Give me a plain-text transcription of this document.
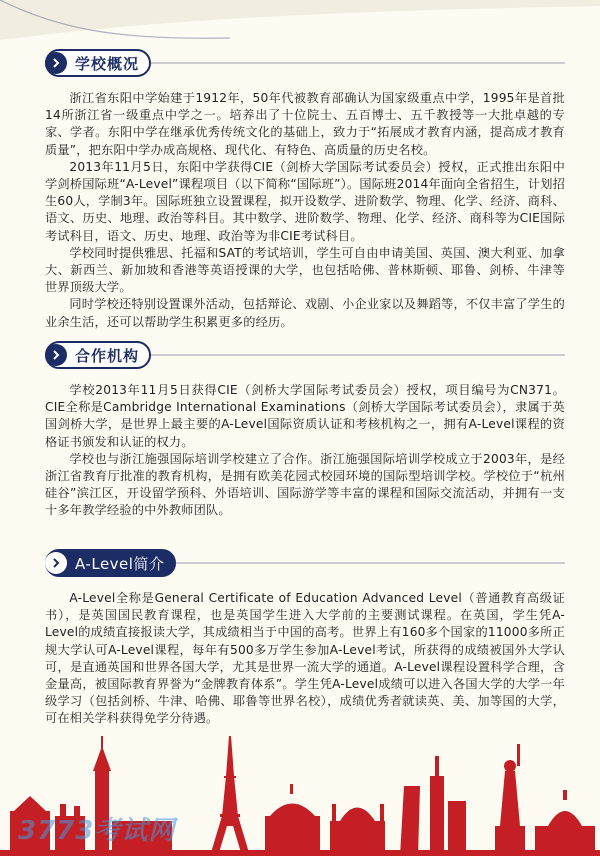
学校概况

浙江省东阳中学始建于1912年，50年代被教育部确认为国家级重点中学，1995年是首批14所浙江省一级重点中学之一。培养出了十位院士、五百博士、五千教授等一大批卓越的专家、学者。东阳中学在继承优秀传统文化的基础上，致力于“拓展成才教育内涵，提高成才教育质量”，把东阳中学办成高规格、现代化、有特色、高质量的历史名校。

2013年11月5日，东阳中学获得CIE（剑桥大学国际考试委员会）授权，正式推出东阳中学剑桥国际班“A-Level”课程项目（以下简称“国际班”）。国际班2014年面向全省招生，计划招生60人，学制3年。国际班独立设置课程，拟开设数学、进阶数学、物理、化学、经济、商科、语文、历史、地理、政治等科目。其中数学、进阶数学、物理、化学、经济、商科等为CIE国际考试科目，语文、历史、地理、政治等为非CIE考试科目。

学校同时提供雅思、托福和SAT的考试培训，学生可自由申请美国、英国、澳大利亚、加拿大、新西兰、新加坡和香港等英语授课的大学，也包括哈佛、普林斯顿、耶鲁、剑桥、牛津等世界顶级大学。

同时学校还特别设置课外活动，包括辩论、戏剧、小企业家以及舞蹈等，不仅丰富了学生的业余生活，还可以帮助学生积累更多的经历。

合作机构

学校2013年11月5日获得CIE（剑桥大学国际考试委员会）授权，项目编号为CN371。CIE全称是Cambridge International Examinations（剑桥大学国际考试委员会），隶属于英国剑桥大学，是世界上最主要的A-Level国际资质认证和考核机构之一，拥有A-Level课程的资格证书颁发和认证的权力。

学校也与浙江施强国际培训学校建立了合作。浙江施强国际培训学校成立于2003年，是经浙江省教育厅批准的教育机构，是拥有欧美花园式校园环境的国际型培训学校。学校位于“杭州硅谷”滨江区，开设留学预科、外语培训、国际游学等丰富的课程和国际交流活动，并拥有一支十多年教学经验的中外教师团队。

A-Level简介

A-Level全称是General Certificate of Education Advanced Level（普通教育高级证书），是英国国民教育课程，也是英国学生进入大学前的主要测试课程。在英国，学生凭A-Level的成绩直接报读大学，其成绩相当于中国的高考。世界上有160多个国家的11000多所正规大学认可A-Level课程，每年有500多万学生参加A-Level考试，所获得的成绩被国外大学认可，是直通英国和世界各国大学，尤其是世界一流大学的通道。A-Level课程设置科学合理，含金量高，被国际教育界誉为“金牌教育体系”。学生凭A-Level成绩可以进入各国大学的大学一年级学习（包括剑桥、牛津、哈佛、耶鲁等世界名校），成绩优秀者就读英、美、加等国的大学，可在相关学科获得免学分待遇。

3773考试网
